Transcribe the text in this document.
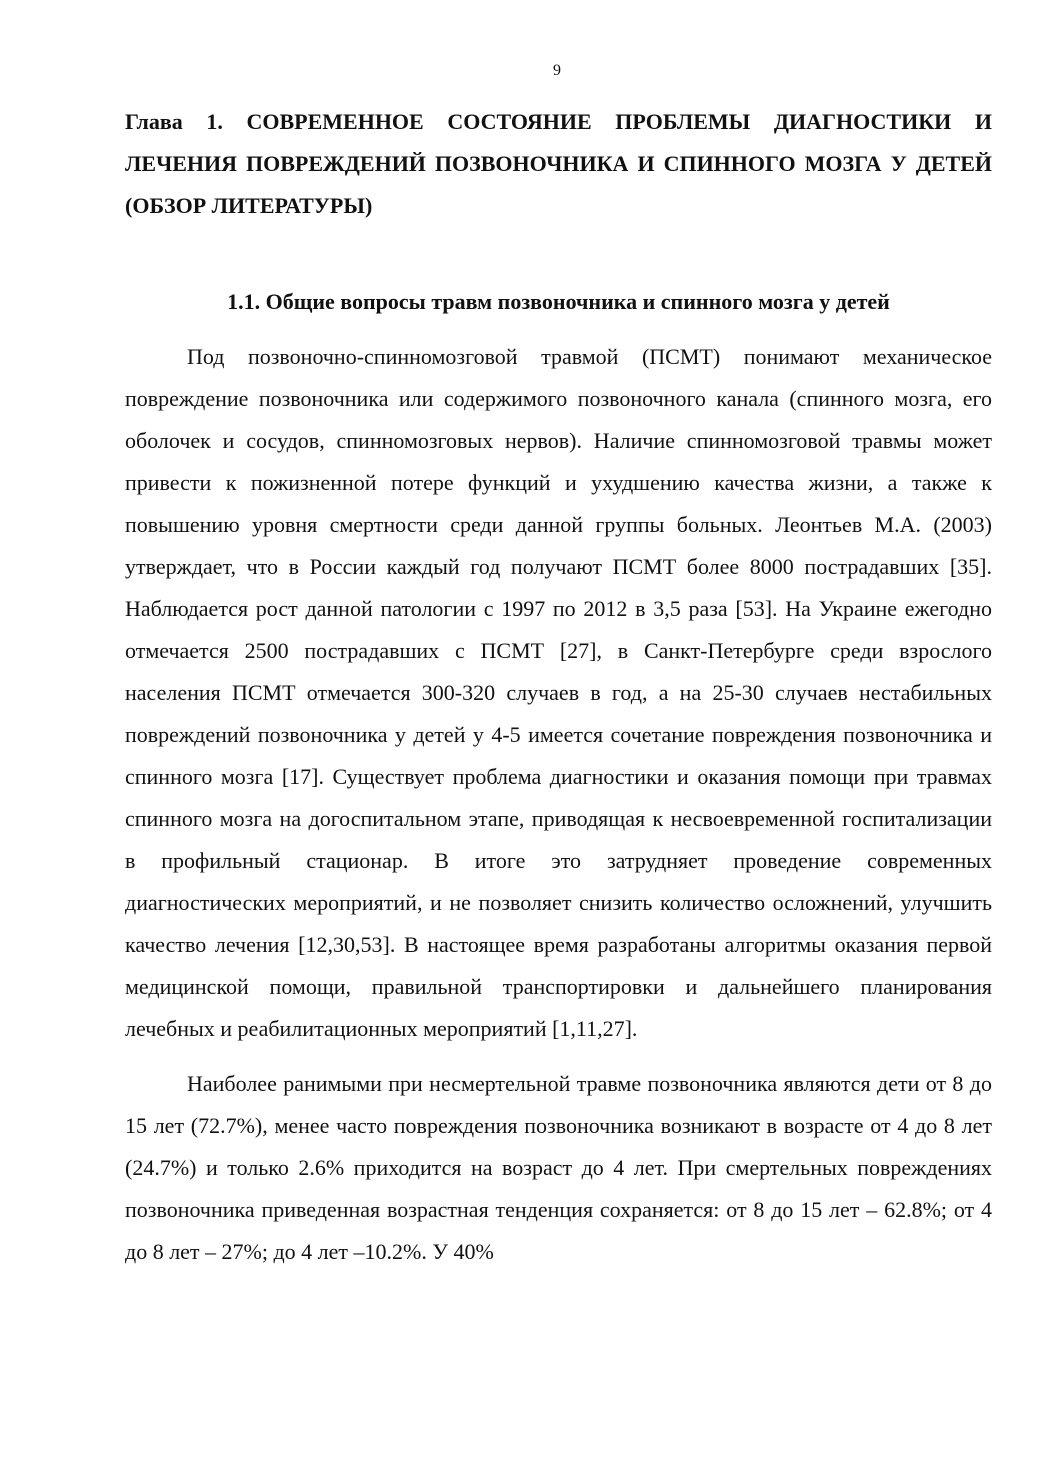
9
Глава 1. СОВРЕМЕННОЕ СОСТОЯНИЕ ПРОБЛЕМЫ ДИАГНОСТИКИ И ЛЕЧЕНИЯ ПОВРЕЖДЕНИЙ ПОЗВОНОЧНИКА И СПИННОГО МОЗГА У ДЕТЕЙ (ОБЗОР ЛИТЕРАТУРЫ)
1.1. Общие вопросы травм позвоночника и спинного мозга у детей

Под позвоночно-спинномозговой травмой (ПСМТ) понимают механическое повреждение позвоночника или содержимого позвоночного канала (спинного мозга, его оболочек и сосудов, спинномозговых нервов). Наличие спинномозговой травмы может привести к пожизненной потере функций и ухудшению качества жизни, а также к повышению уровня смертности среди данной группы больных. Леонтьев М.А. (2003) утверждает, что в России каждый год получают ПСМТ более 8000 пострадавших [35]. Наблюдается рост данной патологии с 1997 по 2012 в 3,5 раза [53]. На Украине ежегодно отмечается 2500 пострадавших с ПСМТ [27], в Санкт-Петербурге среди взрослого населения ПСМТ отмечается 300-320 случаев в год, а на 25-30 случаев нестабильных повреждений позвоночника у детей у 4-5 имеется сочетание повреждения позвоночника и спинного мозга [17]. Существует проблема диагностики и оказания помощи при травмах спинного мозга на догоспитальном этапе, приводящая к несвоевременной госпитализации в профильный стационар. В итоге это затрудняет проведение современных диагностических мероприятий, и не позволяет снизить количество осложнений, улучшить качество лечения [12,30,53]. В настоящее время разработаны алгоритмы оказания первой медицинской помощи, правильной транспортировки и дальнейшего планирования лечебных и реабилитационных мероприятий [1,11,27].

Наиболее ранимыми при несмертельной травме позвоночника являются дети от 8 до 15 лет (72.7%), менее часто повреждения позвоночника возникают в возрасте от 4 до 8 лет (24.7%) и только 2.6% приходится на возраст до 4 лет. При смертельных повреждениях позвоночника приведенная возрастная тенденция сохраняется: от 8 до 15 лет – 62.8%; от 4 до 8 лет – 27%; до 4 лет –10.2%. У 40%
